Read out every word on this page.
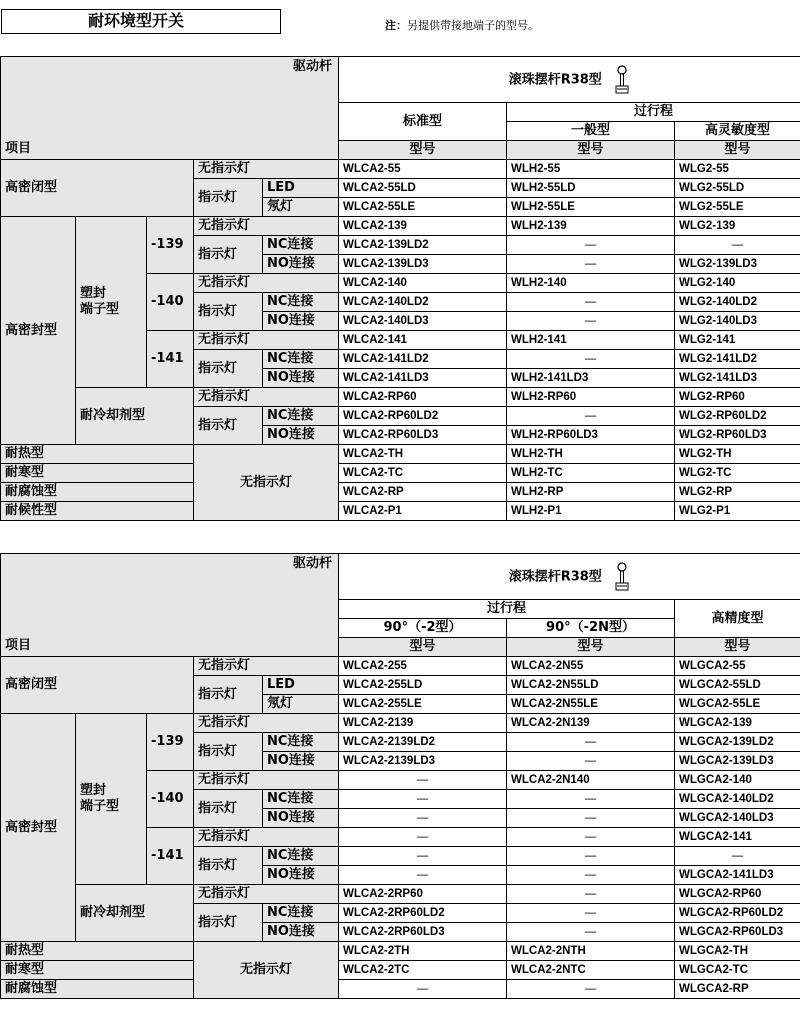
耐环境型开关	注：另提供带接地端子的型号。
驱动杆
项目					滚珠摆杆R38型		
					标准型	过行程	
						一般型	高灵敏度型
					型号	型号	型号
高密闭型			无指示灯		WLCA2-55	WLH2-55	WLG2-55
			指示灯	LED	WLCA2-55LD	WLH2-55LD	WLG2-55LD
				氖灯	WLCA2-55LE	WLH2-55LE	WLG2-55LE
高密封型	塑封
端子型	-139	无指示灯		WLCA2-139	WLH2-139	WLG2-139
			指示灯	NC连接	WLCA2-139LD2	—	—
				NO连接	WLCA2-139LD3	—	WLG2-139LD3
		-140	无指示灯		WLCA2-140	WLH2-140	WLG2-140
			指示灯	NC连接	WLCA2-140LD2	—	WLG2-140LD2
				NO连接	WLCA2-140LD3	—	WLG2-140LD3
		-141	无指示灯		WLCA2-141	WLH2-141	WLG2-141
			指示灯	NC连接	WLCA2-141LD2	—	WLG2-141LD2
				NO连接	WLCA2-141LD3	WLH2-141LD3	WLG2-141LD3
	耐冷却剂型		无指示灯		WLCA2-RP60	WLH2-RP60	WLG2-RP60
			指示灯	NC连接	WLCA2-RP60LD2	—	WLG2-RP60LD2
				NO连接	WLCA2-RP60LD3	WLH2-RP60LD3	WLG2-RP60LD3
耐热型			无指示灯		WLCA2-TH	WLH2-TH	WLG2-TH
耐寒型					WLCA2-TC	WLH2-TC	WLG2-TC
耐腐蚀型					WLCA2-RP	WLH2-RP	WLG2-RP
耐候性型					WLCA2-P1	WLH2-P1	WLG2-P1
驱动杆
项目					滚珠摆杆R38型		
					过行程		高精度型
					90°（-2型）	90°（-2N型）	
					型号	型号	型号
高密闭型			无指示灯		WLCA2-255	WLCA2-2N55	WLGCA2-55
			指示灯	LED	WLCA2-255LD	WLCA2-2N55LD	WLGCA2-55LD
				氖灯	WLCA2-255LE	WLCA2-2N55LE	WLGCA2-55LE
高密封型	塑封
端子型	-139	无指示灯		WLCA2-2139	WLCA2-2N139	WLGCA2-139
			指示灯	NC连接	WLCA2-2139LD2	—	WLGCA2-139LD2
				NO连接	WLCA2-2139LD3	—	WLGCA2-139LD3
		-140	无指示灯		—	WLCA2-2N140	WLGCA2-140
			指示灯	NC连接	—	—	WLGCA2-140LD2
				NO连接	—	—	WLGCA2-140LD3
		-141	无指示灯		—	—	WLGCA2-141
			指示灯	NC连接	—	—	—
				NO连接	—	—	WLGCA2-141LD3
	耐冷却剂型		无指示灯		WLCA2-2RP60	—	WLGCA2-RP60
			指示灯	NC连接	WLCA2-2RP60LD2	—	WLGCA2-RP60LD2
				NO连接	WLCA2-2RP60LD3	—	WLGCA2-RP60LD3
耐热型			无指示灯		WLCA2-2TH	WLCA2-2NTH	WLGCA2-TH
耐寒型					WLCA2-2TC	WLCA2-2NTC	WLGCA2-TC
耐腐蚀型					—	—	WLGCA2-RP
